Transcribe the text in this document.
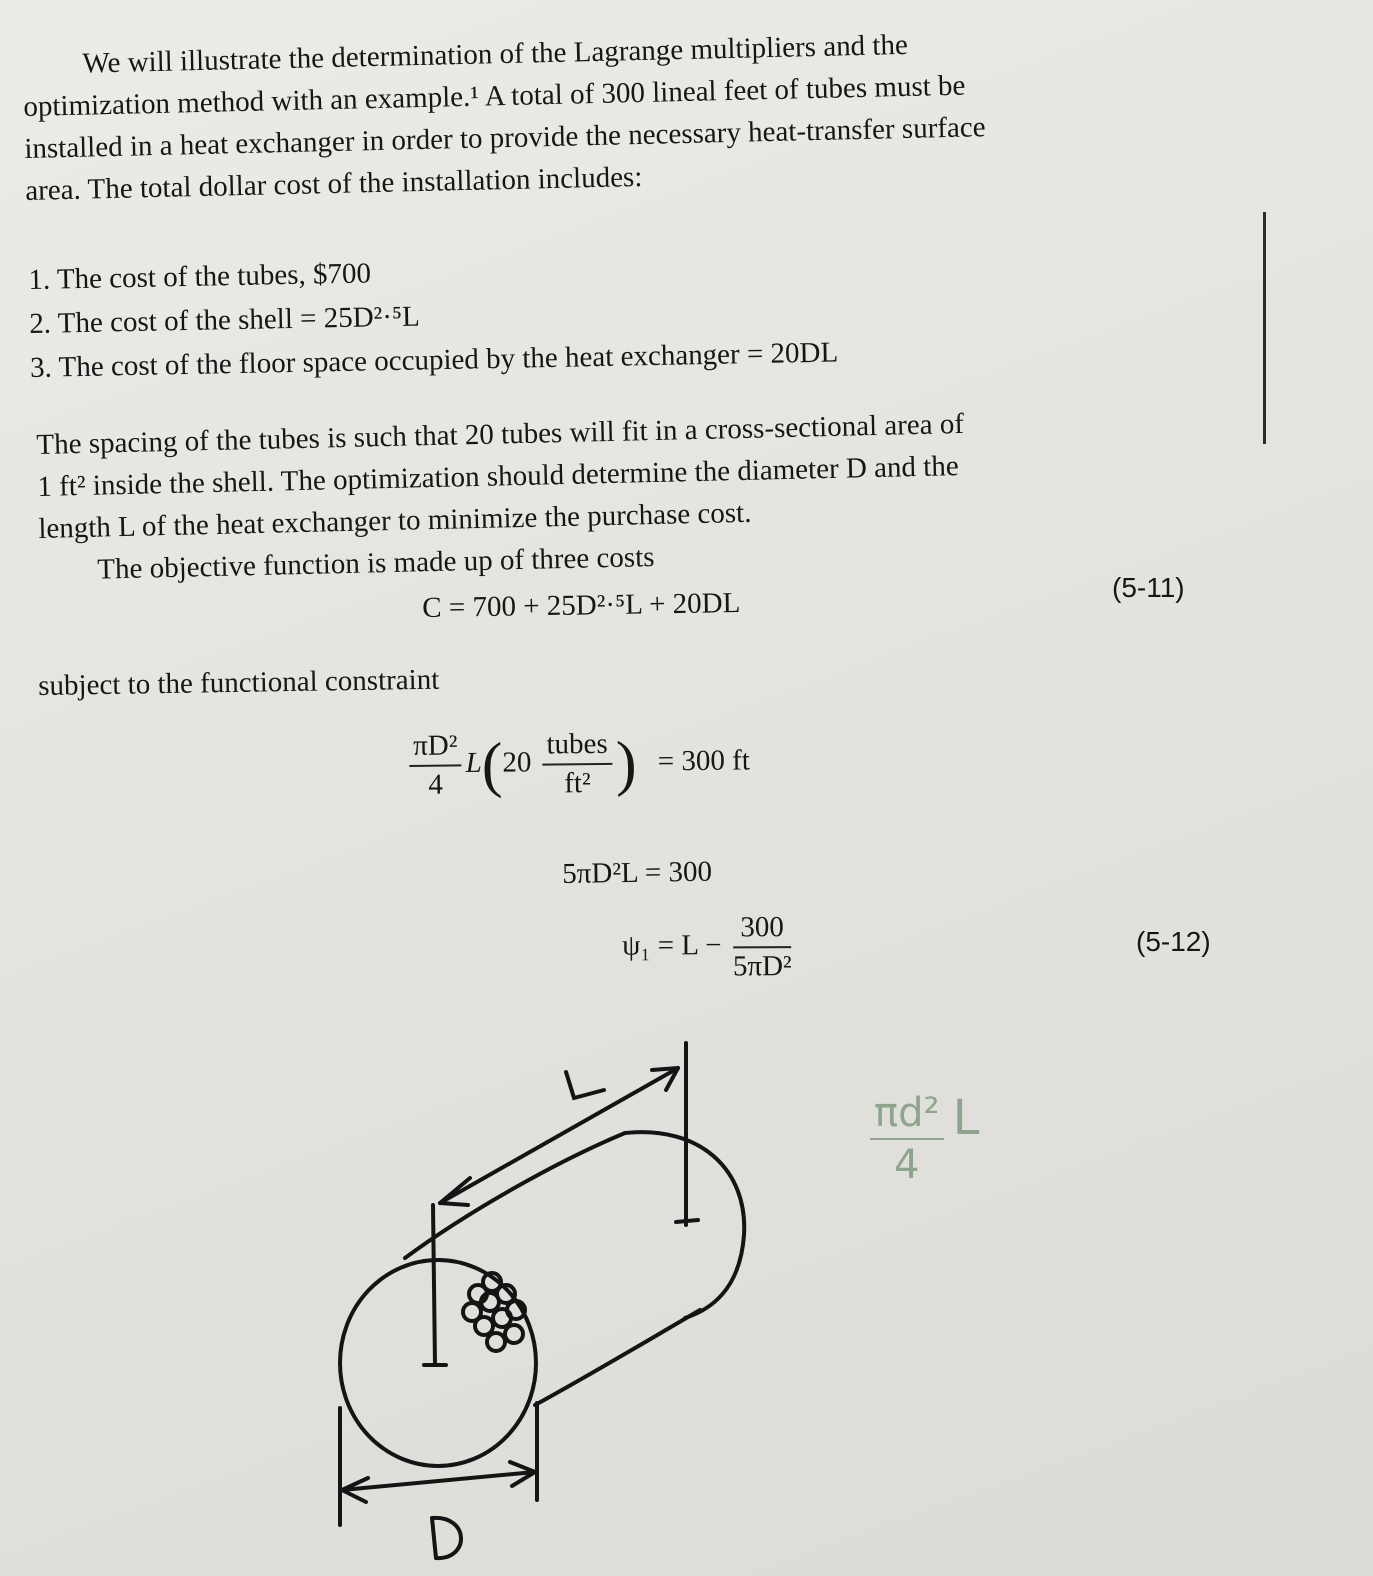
We will illustrate the determination of the Lagrange multipliers and the
optimization method with an example.¹ A total of 300 lineal feet of tubes must be
installed in a heat exchanger in order to provide the necessary heat-transfer surface
area. The total dollar cost of the installation includes:
1. The cost of the tubes, $700
2. The cost of the shell = 25D²·⁵L
3. The cost of the floor space occupied by the heat exchanger = 20DL
The spacing of the tubes is such that 20 tubes will fit in a cross-sectional area of
1 ft² inside the shell. The optimization should determine the diameter D and the
length L of the heat exchanger to minimize the purchase cost.
The objective function is made up of three costs
C = 700 + 25D²·⁵L + 20DL	(5-11)
subject to the functional constraint
$\frac{\text{πD²}}{4} L(20 \frac{\text{tubes}}{\text{ft²}}$ ) = 300 ft
5πD²L = 300
$\psi_1 = L - \frac{300}{\text{5πD²}}$	(5-12)
$\frac{\text{πd²}}{4}$ L
